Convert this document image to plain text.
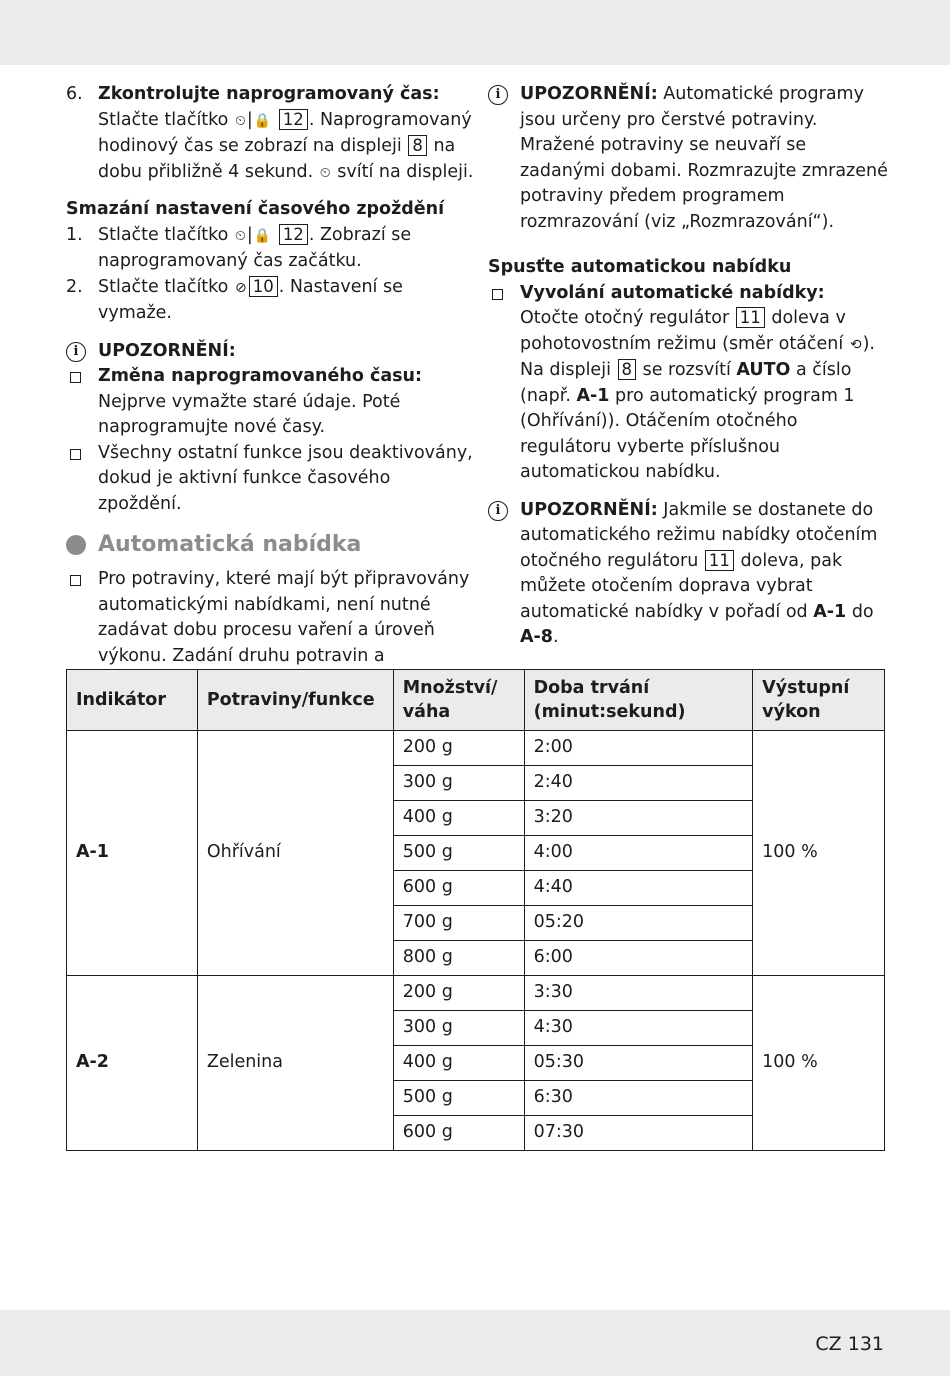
6. Zkontrolujte naprogramovaný čas:
Stlačte tlačítko ⏲|🔒 12 . Naprogramovaný hodinový čas se zobrazí na displeji 8 na dobu přibližně 4 sekund. ⏲ svítí na displeji.
Smazání nastavení časového zpoždění
1. Stlačte tlačítko ⏲|🔒 12 . Zobrazí se naprogramovaný čas začátku.
2. Stlačte tlačítko ⊘ 10 . Nastavení se vymaže.
i	UPOZORNĚNÍ:
Změna naprogramovaného času:
Nejprve vymažte staré údaje. Poté naprogramujte nové časy.
Všechny ostatní funkce jsou deaktivovány, dokud je aktivní funkce časového zpoždění.
Automatická nabídka
Pro potraviny, které mají být připravovány automatickými nabídkami, není nutné zadávat dobu procesu vaření a úroveň výkonu. Zadání druhu potravin a
i	UPOZORNĚNÍ: Automatické programy jsou určeny pro čerstvé potraviny. Mražené potraviny se neuvaří se zadanými dobami. Rozmrazujte zmrazené potraviny předem programem rozmrazování (viz „Rozmrazování“).
Spusťte automatickou nabídku
Vyvolání automatické nabídky:
Otočte otočný regulátor 11 doleva v pohotovostním režimu (směr otáčení ⟲). Na displeji 8 se rozsvítí AUTO a číslo (např. A-1 pro automatický program 1 (Ohřívání)). Otáčením otočného regulátoru vyberte příslušnou automatickou nabídku.
i	UPOZORNĚNÍ: Jakmile se dostanete do automatického režimu nabídky otočením otočného regulátoru 11 doleva, pak můžete otočením doprava vybrat automatické nabídky v pořadí od A-1 do A-8.
Indikátor	Potraviny/funkce	Množství/ váha	Doba trvání (minut:sekund)	Výstupní výkon
A-1	Ohřívání	200 g	2:00	100 %
		300 g	2:40	
		400 g	3:20	
		500 g	4:00	
		600 g	4:40	
		700 g	05:20	
		800 g	6:00	
A-2	Zelenina	200 g	3:30	100 %
		300 g	4:30	
		400 g	05:30	
		500 g	6:30	
		600 g	07:30	
CZ 131
